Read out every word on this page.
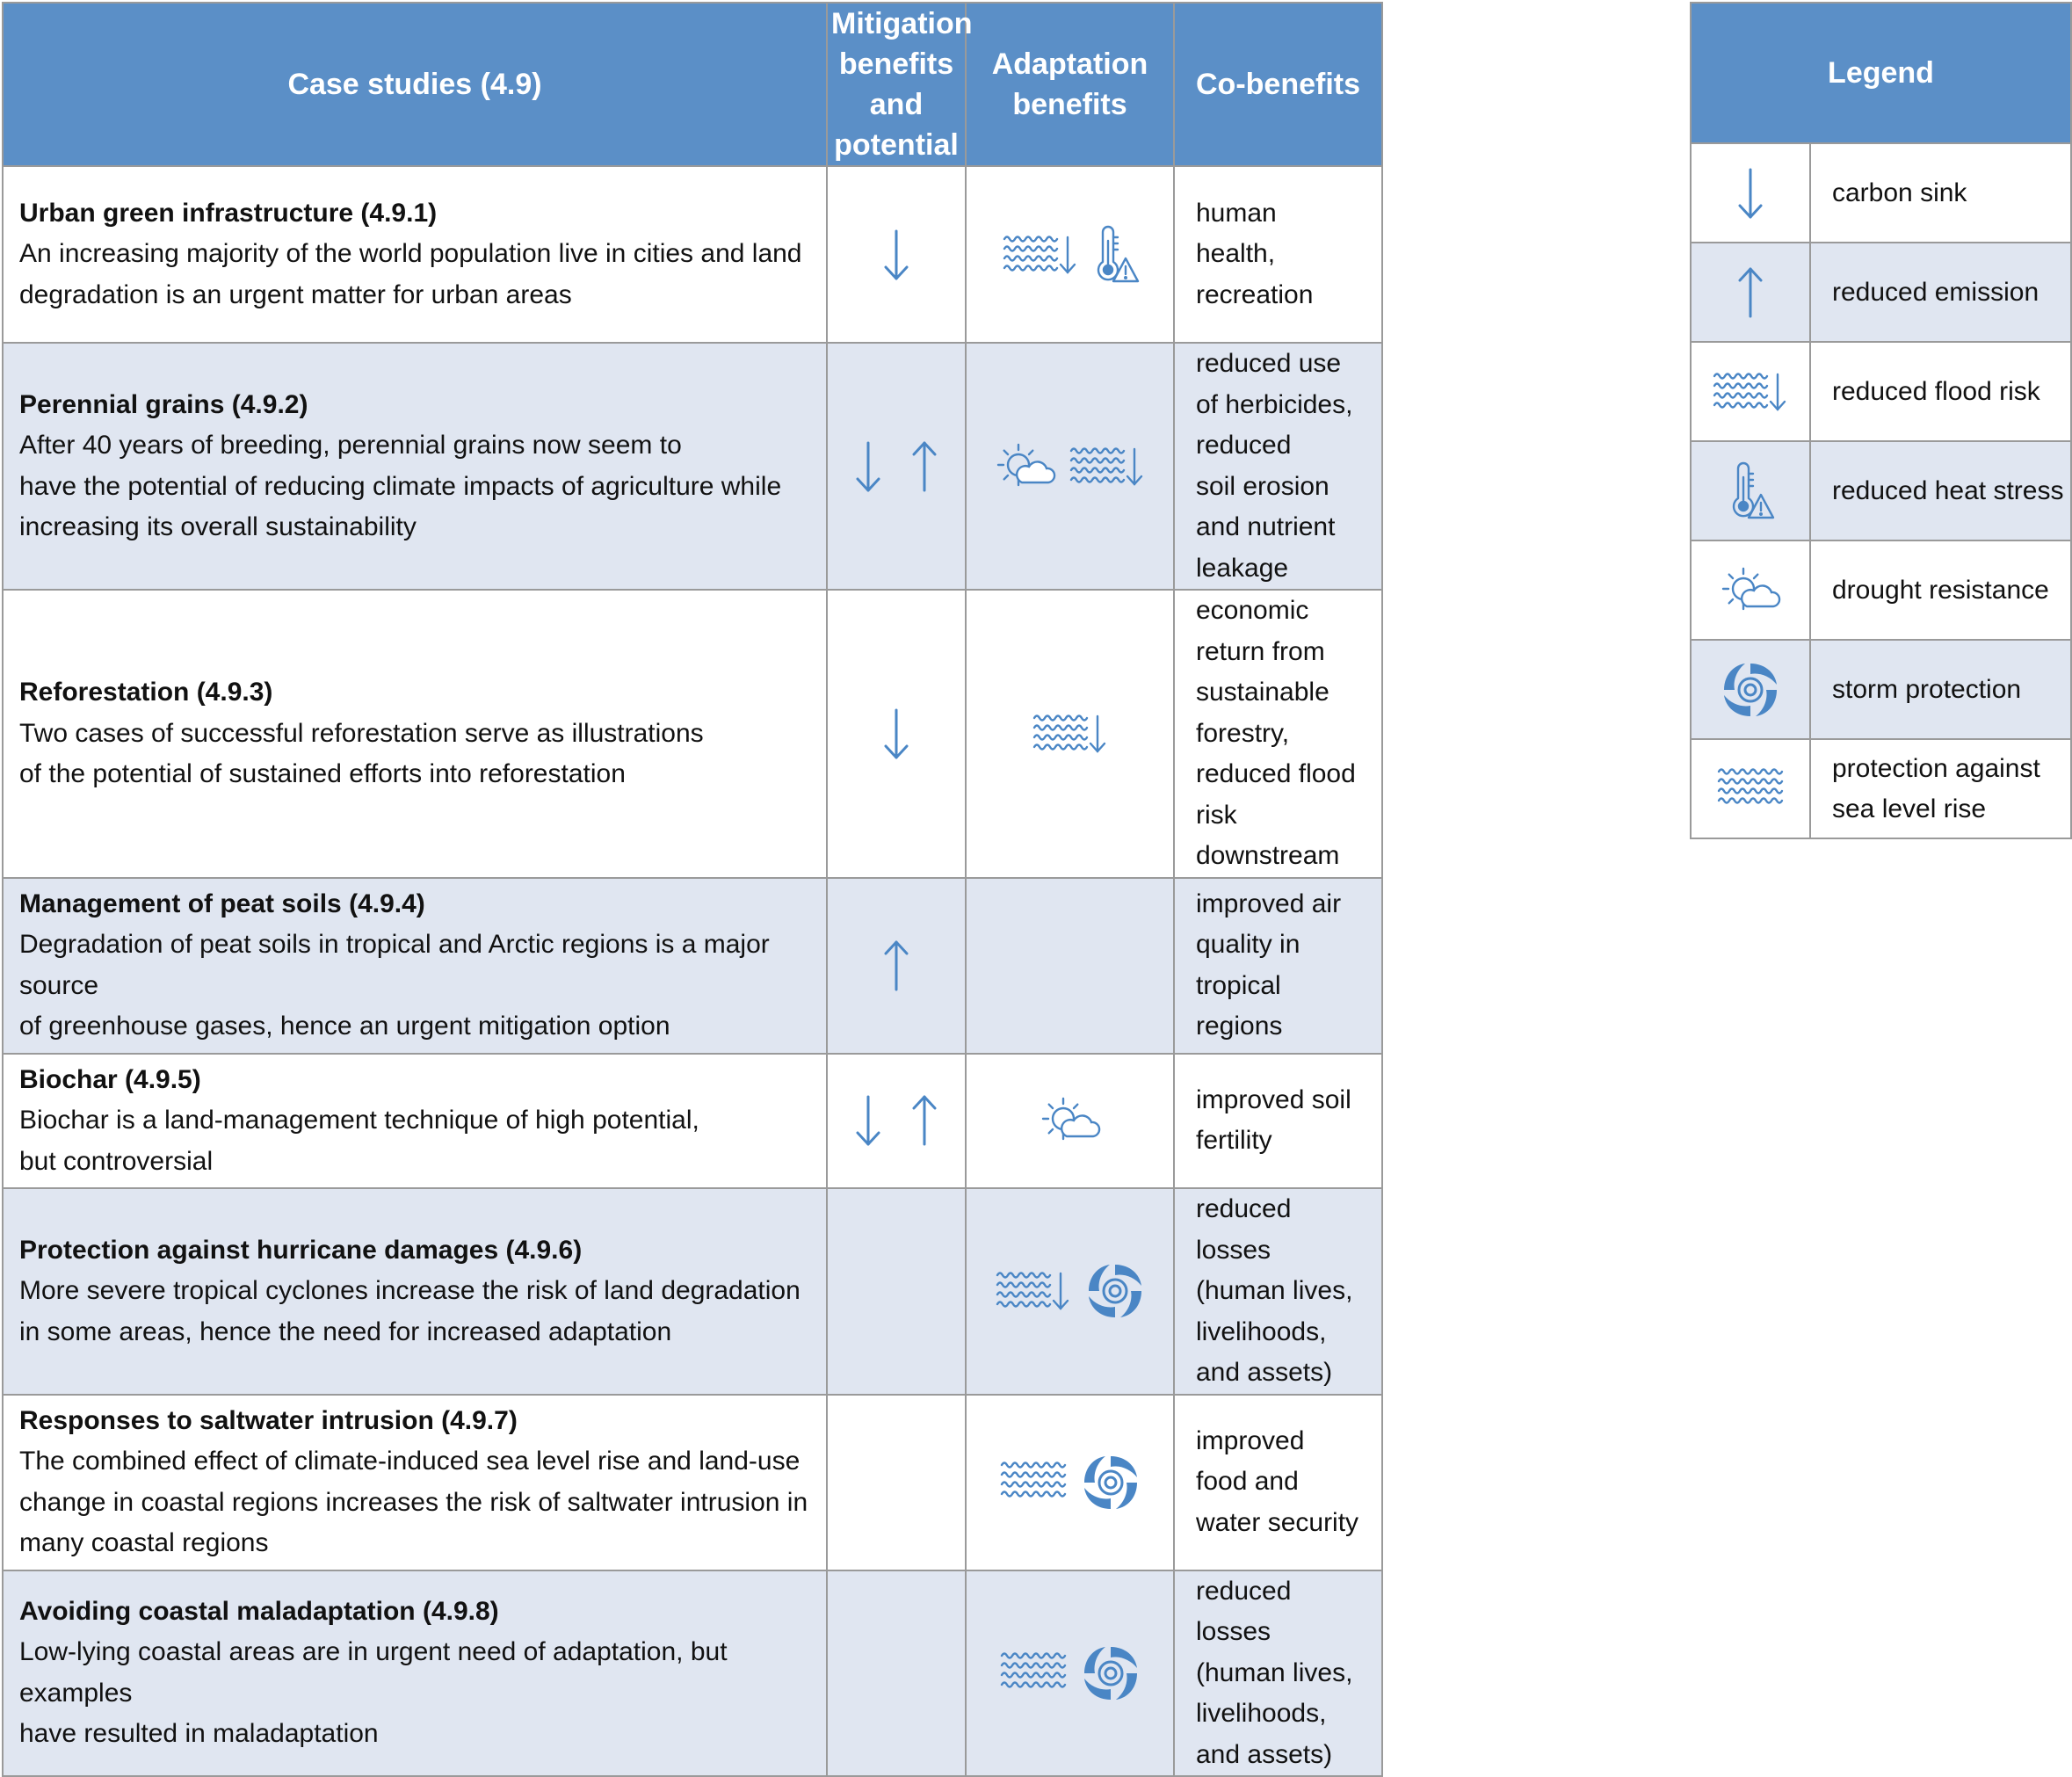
Case studies (4.9)	Mitigation
benefits and
potential	Adaptation
benefits	Co-benefits

Urban green infrastructure (4.9.1)
An increasing majority of the world population live in cities and land
degradation is an urgent matter for urban areas			human health, recreation

Perennial grains (4.9.2)
After 40 years of breeding, perennial grains now seem to
have the potential of reducing climate impacts of agriculture while
increasing its overall sustainability			reduced use of herbicides, reduced
soil erosion and nutrient leakage

Reforestation (4.9.3)
Two cases of successful reforestation serve as illustrations
of the potential of sustained efforts into reforestation			economic return from sustainable
forestry, reduced flood risk
downstream

Management of peat soils (4.9.4)
Degradation of peat soils in tropical and Arctic regions is a major source
of greenhouse gases, hence an urgent mitigation option			improved air quality in tropical
regions

Biochar (4.9.5)
Biochar is a land-management technique of high potential,
but controversial			improved soil fertility

Protection against hurricane damages (4.9.6)
More severe tropical cyclones increase the risk of land degradation
in some areas, hence the need for increased adaptation			reduced losses (human lives,
livelihoods, and assets)

Responses to saltwater intrusion (4.9.7)
The combined effect of climate-induced sea level rise and land-use
change in coastal regions increases the risk of saltwater intrusion in
many coastal regions			improved food and water security

Avoiding coastal maladaptation (4.9.8)
Low-lying coastal areas are in urgent need of adaptation, but examples
have resulted in maladaptation			reduced losses (human lives,
livelihoods, and assets)
Legend	

carbon sink

reduced emission

reduced flood risk

reduced heat stress

drought resistance

storm protection

protection against
sea level rise
